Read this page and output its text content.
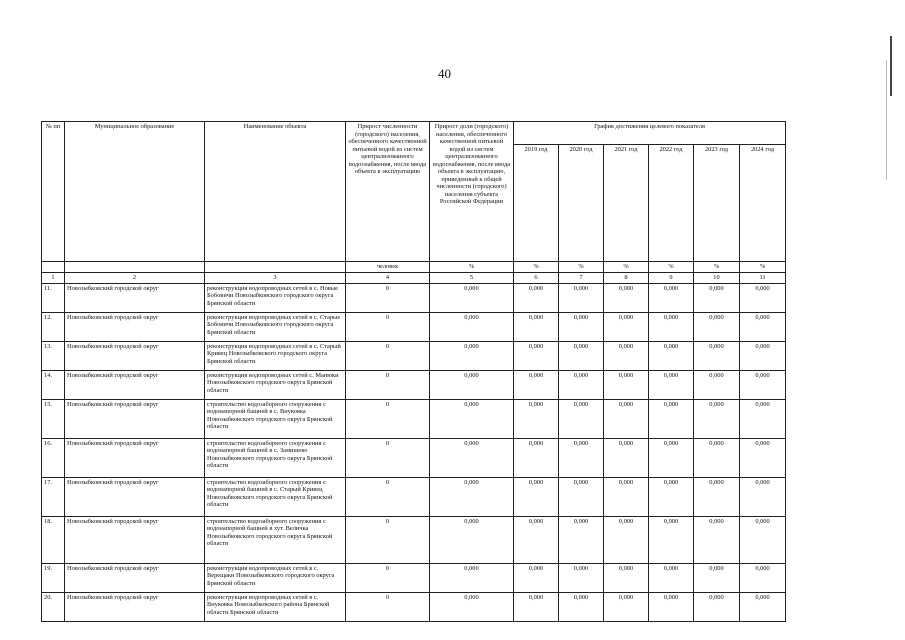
40
№ пп	Муниципальное образование	Наименование объекта	Прирост численности (городского) населения, обеспеченного качественной питьевой водой из систем централизованного водоснабжения, после ввода объекта в эксплуатацию	Прирост доли (городского) населения, обеспеченного качественной питьевой водой из систем централизованного водоснабжения, после ввода объекта в эксплуатацию, приведенный к общей численности (городского) населения субъекта Российской Федерации	График достижения целевого показателя					
					2019 год	2020 год	2021 год	2022 год	2023 год	2024 год
			человек	%	%	%	%	%	%	%
1	2	3	4	5	6	7	8	9	10	11
11.	Новозыбковский городской округ	реконструкция водопроводных сетей в с. Новые Бобовичи Новозыбковского городского округа Брянской области	0	0,000	0,000	0,000	0,000	0,000	0,000	0,000
12.	Новозыбковский городской округ	реконструкция водопроводных сетей в с. Старые Бобовичи Новозыбковского городского округа Брянской области	0	0,000	0,000	0,000	0,000	0,000	0,000	0,000
13.	Новозыбковский городской округ	реконструкция водопроводных сетей в с. Старый Кривец Новозыбковского городского округа Брянской области	0	0,000	0,000	0,000	0,000	0,000	0,000	0,000
14.	Новозыбковский городской округ	реконструкция водопроводных сетей с. Манюки Новозыбковского городского округа Брянской области	0	0,000	0,000	0,000	0,000	0,000	0,000	0,000
15.	Новозыбковский городской округ	строительство водозаборного сооружения с водонапорной башней в с. Внуковка Новозыбковского городского округа Брянской области	0	0,000	0,000	0,000	0,000	0,000	0,000	0,000
16.	Новозыбковский городской округ	строительство водозаборного сооружения с водонапорной башней в с. Замишево Новозыбковского городского округа Брянской области	0	0,000	0,000	0,000	0,000	0,000	0,000	0,000
17.	Новозыбковский городской округ	строительство водозаборного сооружения с водонапорной башней в с. Старый Кривец Новозыбковского городского округа Брянской области	0	0,000	0,000	0,000	0,000	0,000	0,000	0,000
18.	Новозыбковский городской округ	строительство водозаборного сооружения с водонапорной башней в хут. Величка Новозыбковского городского округа Брянской области	0	0,000	0,000	0,000	0,000	0,000	0,000	0,000
19.	Новозыбковский городской округ	реконструкция водопроводных сетей в с. Верещаки Новозыбковского городского округа Брянской области	0	0,000	0,000	0,000	0,000	0,000	0,000	0,000
20.	Новозыбковский городской округ	реконструкция водопроводных сетей в с. Внуковка Новозыбковского района Брянской области Брянской области	0	0,000	0,000	0,000	0,000	0,000	0,000	0,000
